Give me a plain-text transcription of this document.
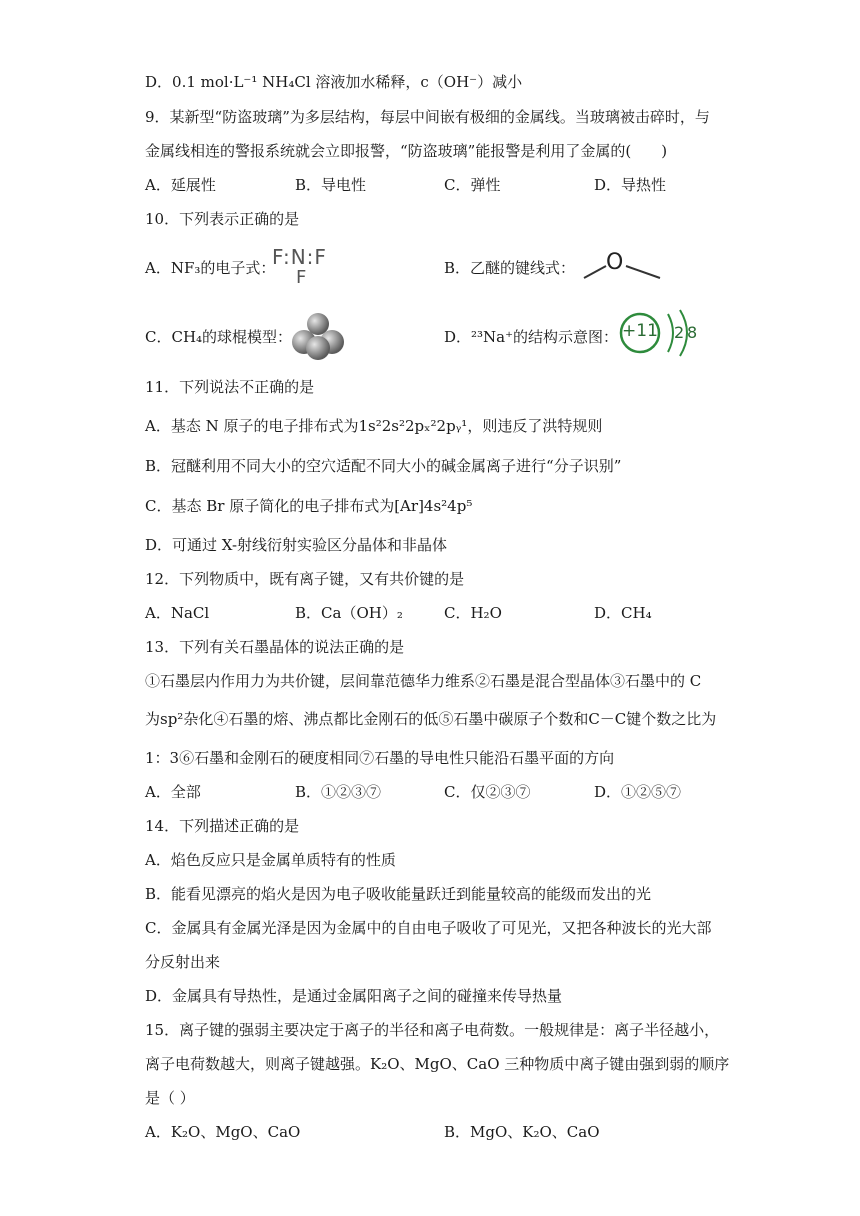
D．0.1 mol·L⁻¹ NH₄Cl 溶液加水稀释，c（OH⁻）减小
9．某新型“防盗玻璃”为多层结构，每层中间嵌有极细的金属线。当玻璃被击碎时，与
金属线相连的警报系统就会立即报警，“防盗玻璃”能报警是利用了金属的(　　)
A．延展性	B．导电性	C．弹性	D．导热性
10．下列表示正确的是
A．NF₃的电子式：
F:N:F
F	B．乙醚的键线式： O
C．CH₄的球棍模型：	D．²³Na⁺的结构示意图： +11 2 8
11．下列说法不正确的是
A．基态 N 原子的电子排布式为1s²2s²2pₓ²2pᵧ¹，则违反了洪特规则
B．冠醚利用不同大小的空穴适配不同大小的碱金属离子进行“分子识别”
C．基态 Br 原子简化的电子排布式为[Ar]4s²4p⁵
D．可通过 X-射线衍射实验区分晶体和非晶体
12．下列物质中，既有离子键，又有共价键的是
A．NaCl	B．Ca（OH）₂	C．H₂O	D．CH₄
13．下列有关石墨晶体的说法正确的是
①石墨层内作用力为共价键，层间靠范德华力维系②石墨是混合型晶体③石墨中的 C
为sp²杂化④石墨的熔、沸点都比金刚石的低⑤石墨中碳原子个数和C－C键个数之比为
1：3⑥石墨和金刚石的硬度相同⑦石墨的导电性只能沿石墨平面的方向
A．全部	B．①②③⑦	C．仅②③⑦	D．①②⑤⑦
14．下列描述正确的是
A．焰色反应只是金属单质特有的性质
B．能看见漂亮的焰火是因为电子吸收能量跃迁到能量较高的能级而发出的光
C．金属具有金属光泽是因为金属中的自由电子吸收了可见光，又把各种波长的光大部
分反射出来
D．金属具有导热性，是通过金属阳离子之间的碰撞来传导热量
15．离子键的强弱主要决定于离子的半径和离子电荷数。一般规律是：离子半径越小，
离子电荷数越大，则离子键越强。K₂O、MgO、CaO 三种物质中离子键由强到弱的顺序
是（ ）
A．K₂O、MgO、CaO	B．MgO、K₂O、CaO
